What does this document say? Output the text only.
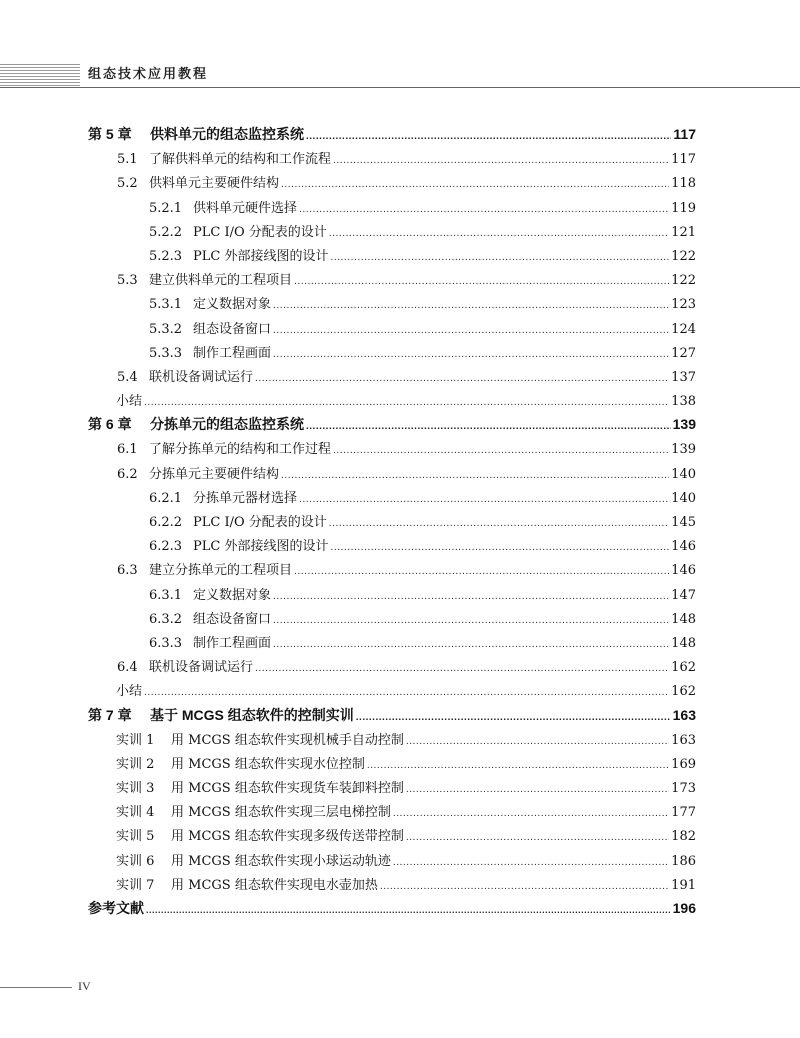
组态技术应用教程
第 5 章	供料单元的组态监控系统 .....	117
5.1 了解供料单元的结构和工作流程 .....	117
5.2 供料单元主要硬件结构 .....	118
5.2.1 供料单元硬件选择 .....	119
5.2.2 PLC I/O 分配表的设计 .....	121
5.2.3 PLC 外部接线图的设计 .....	122
5.3 建立供料单元的工程项目 .....	122
5.3.1 定义数据对象 .....	123
5.3.2 组态设备窗口 .....	124
5.3.3 制作工程画面 .....	127
5.4 联机设备调试运行 .....	137
小结 .....	138
第 6 章	分拣单元的组态监控系统 .....	139
6.1 了解分拣单元的结构和工作过程 .....	139
6.2 分拣单元主要硬件结构 .....	140
6.2.1 分拣单元器材选择 .....	140
6.2.2 PLC I/O 分配表的设计 .....	145
6.2.3 PLC 外部接线图的设计 .....	146
6.3 建立分拣单元的工程项目 .....	146
6.3.1 定义数据对象 .....	147
6.3.2 组态设备窗口 .....	148
6.3.3 制作工程画面 .....	148
6.4 联机设备调试运行 .....	162
小结 .....	162
第 7 章	基于 MCGS 组态软件的控制实训 .....	163
实训 1	用 MCGS 组态软件实现机械手自动控制 .....	163
实训 2	用 MCGS 组态软件实现水位控制 .....	169
实训 3	用 MCGS 组态软件实现货车装卸料控制 .....	173
实训 4	用 MCGS 组态软件实现三层电梯控制 .....	177
实训 5	用 MCGS 组态软件实现多级传送带控制 .....	182
实训 6	用 MCGS 组态软件实现小球运动轨迹 .....	186
实训 7	用 MCGS 组态软件实现电水壶加热 .....	191
参考文献 .....	196
IV
